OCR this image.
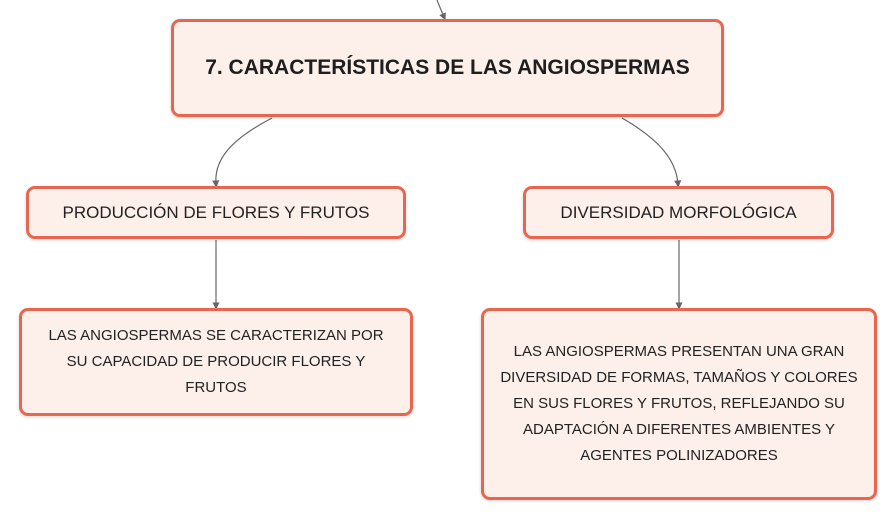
7. CARACTERÍSTICAS DE LAS ANGIOSPERMAS
PRODUCCIÓN DE FLORES Y FRUTOS	DIVERSIDAD MORFOLÓGICA
LAS ANGIOSPERMAS SE CARACTERIZAN POR SU CAPACIDAD DE PRODUCIR FLORES Y FRUTOS
LAS ANGIOSPERMAS PRESENTAN UNA GRAN DIVERSIDAD DE FORMAS, TAMAÑOS Y COLORES EN SUS FLORES Y FRUTOS, REFLEJANDO SU ADAPTACIÓN A DIFERENTES AMBIENTES Y AGENTES POLINIZADORES
